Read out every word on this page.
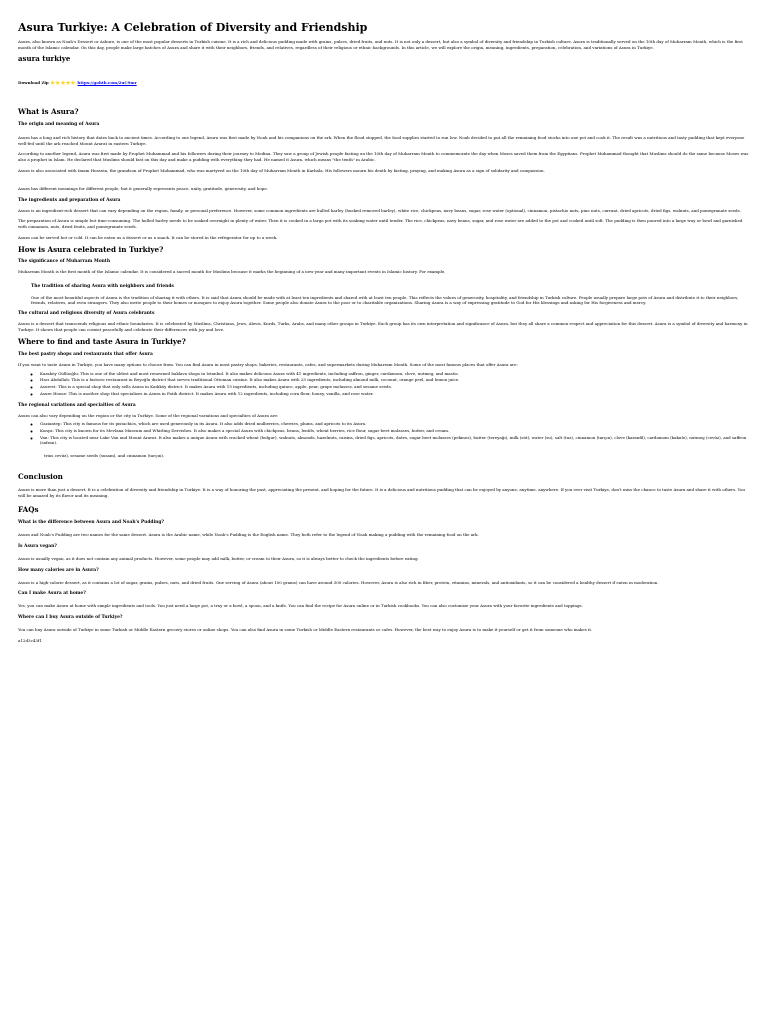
Asura Turkiye: A Celebration of Diversity and Friendship

Asura, also known as Noah's Dessert or Ashure, is one of the most popular desserts in Turkish cuisine. It is a rich and delicious pudding made with grains, pulses, dried fruits, and nuts. It is not only a dessert, but also a symbol of diversity and friendship in Turkish culture. Asura is traditionally served on the 10th day of Muharram Month, which is the first month of the Islamic calendar. On this day, people make large batches of Asura and share it with their neighbors, friends, and relatives, regardless of their religious or ethnic backgrounds. In this article, we will explore the origin, meaning, ingredients, preparation, celebration, and variations of Asura in Turkiye.

asura turkiye
Download Zip ⭐⭐⭐⭐⭐ https://gohtb.com/2uC9mr
What is Asura?
The origin and meaning of Asura

Asura has a long and rich history that dates back to ancient times. According to one legend, Asura was first made by Noah and his companions on the ark. When the flood stopped, the food supplies started to run low. Noah decided to put all the remaining food stocks into one pot and cook it. The result was a nutritious and tasty pudding that kept everyone well-fed until the ark reached Mount Ararat in eastern Turkiye.

According to another legend, Asura was first made by Prophet Muhammad and his followers during their journey to Medina. They saw a group of Jewish people fasting on the 10th day of Muharram Month to commemorate the day when Moses saved them from the Egyptians. Prophet Muhammad thought that Muslims should do the same because Moses was also a prophet in Islam. He declared that Muslims should fast on this day and make a pudding with everything they had. He named it Asura, which means "the tenth" in Arabic.

Asura is also associated with Imam Hussein, the grandson of Prophet Muhammad, who was martyred on the 10th day of Muharram Month in Karbala. His followers mourn his death by fasting, praying, and making Asura as a sign of solidarity and compassion.

Asura has different meanings for different people, but it generally represents peace, unity, gratitude, generosity, and hope.

The ingredients and preparation of Asura

Asura is an ingredient-rich dessert that can vary depending on the region, family, or personal preference. However, some common ingredients are hulled barley (husked removed barley), white rice, chickpeas, navy beans, sugar, rose water (optional), cinnamon, pistachio nuts, pine nuts, currant, dried apricots, dried figs, walnuts, and pomegranate seeds.

The preparation of Asura is simple but time-consuming. The hulled barley needs to be soaked overnight in plenty of water. Then it is cooked in a large pot with its soaking water until tender. The rice, chickpeas, navy beans, sugar, and rose water are added to the pot and cooked until soft. The pudding is then poured into a large tray or bowl and garnished with cinnamon, nuts, dried fruits, and pomegranate seeds.

Asura can be served hot or cold. It can be eaten as a dessert or as a snack. It can be stored in the refrigerator for up to a week.

How is Asura celebrated in Turkiye?
The significance of Muharram Month

Muharram Month is the first month of the Islamic calendar. It is considered a sacred month for Muslims because it marks the beginning of a new year and many important events in Islamic history. For example,

The tradition of sharing Asura with neighbors and friends

One of the most beautiful aspects of Asura is the tradition of sharing it with others. It is said that Asura should be made with at least ten ingredients and shared with at least ten people. This reflects the values of generosity, hospitality, and friendship in Turkish culture. People usually prepare large pots of Asura and distribute it to their neighbors, friends, relatives, and even strangers. They also invite people to their homes or mosques to enjoy Asura together. Some people also donate Asura to the poor or to charitable organizations. Sharing Asura is a way of expressing gratitude to God for His blessings and asking for His forgiveness and mercy.

The cultural and religious diversity of Asura celebrants

Asura is a dessert that transcends religious and ethnic boundaries. It is celebrated by Muslims, Christians, Jews, Alevis, Kurds, Turks, Arabs, and many other groups in Turkiye. Each group has its own interpretation and significance of Asura, but they all share a common respect and appreciation for this dessert. Asura is a symbol of diversity and harmony in Turkiye. It shows that people can coexist peacefully and celebrate their differences with joy and love.

Where to find and taste Asura in Turkiye?
The best pastry shops and restaurants that offer Asura

If you want to taste Asura in Turkiye, you have many options to choose from. You can find Asura in most pastry shops, bakeries, restaurants, cafes, and supermarkets during Muharram Month. Some of the most famous places that offer Asura are:

◦ Karaköy Güllüoğlu: This is one of the oldest and most renowned baklava shops in Istanbul. It also makes delicious Asura with 41 ingredients, including saffron, ginger, cardamom, clove, nutmeg, and mastic.
◦ Hacı Abdullah: This is a historic restaurant in Beyoğlu district that serves traditional Ottoman cuisine. It also makes Asura with 25 ingredients, including almond milk, coconut, orange peel, and lemon juice.
◦ Asurevi: This is a special shop that only sells Asura in Kadıköy district. It makes Asura with 15 ingredients, including quince, apple, pear, grape molasses, and sesame seeds.
◦ Asure House: This is another shop that specializes in Asura in Fatih district. It makes Asura with 12 ingredients, including corn flour, honey, vanilla, and rose water.
The regional variations and specialties of Asura

Asura can also vary depending on the region or the city in Turkiye. Some of the regional variations and specialties of Asura are:

◦ Gaziantep: This city is famous for its pistachios, which are used generously in its Asura. It also adds dried mulberries, cherries, plums, and apricots to its Asura.
◦ Konya: This city is known for its Mevlana Museum and Whirling Dervishes. It also makes a special Asura with chickpeas, beans, lentils, wheat berries, rice flour, sugar beet molasses, butter, and cream.
◦ Van: This city is located near Lake Van and Mount Ararat. It also makes a unique Asura with cracked wheat (bulgur), walnuts, almonds, hazelnuts, raisins, dried figs, apricots, dates, sugar beet molasses (pekmez), butter (tereyağı), milk (süt), water (su), salt (tuz), cinnamon (tarçın), clove (karanfil), cardamom (kakule), nutmeg (cevüz), and saffron (safran).

trius cevüz), sesame seeds (susam), and cinnamon (tarçın).

Conclusion

Asura is more than just a dessert. It is a celebration of diversity and friendship in Turkiye. It is a way of honoring the past, appreciating the present, and hoping for the future. It is a delicious and nutritious pudding that can be enjoyed by anyone, anytime, anywhere. If you ever visit Turkiye, don't miss the chance to taste Asura and share it with others. You will be amazed by its flavor and its meaning.

FAQs
What is the difference between Asura and Noah's Pudding?

Asura and Noah's Pudding are two names for the same dessert. Asura is the Arabic name, while Noah's Pudding is the English name. They both refer to the legend of Noah making a pudding with the remaining food on the ark.

Is Asura vegan?

Asura is usually vegan, as it does not contain any animal products. However, some people may add milk, butter, or cream to their Asura, so it is always better to check the ingredients before eating.

How many calories are in Asura?

Asura is a high-calorie dessert, as it contains a lot of sugar, grains, pulses, nuts, and dried fruits. One serving of Asura (about 100 grams) can have around 300 calories. However, Asura is also rich in fiber, protein, vitamins, minerals, and antioxidants, so it can be considered a healthy dessert if eaten in moderation.

Can I make Asura at home?

Yes, you can make Asura at home with simple ingredients and tools. You just need a large pot, a tray or a bowl, a spoon, and a knife. You can find the recipe for Asura online or in Turkish cookbooks. You can also customize your Asura with your favorite ingredients and toppings.

Where can I buy Asura outside of Turkiye?

You can buy Asura outside of Turkiye in some Turkish or Middle Eastern grocery stores or online shops. You can also find Asura in some Turkish or Middle Eastern restaurants or cafes. However, the best way to enjoy Asura is to make it yourself or get it from someone who makes it.

a12d3c43f1
